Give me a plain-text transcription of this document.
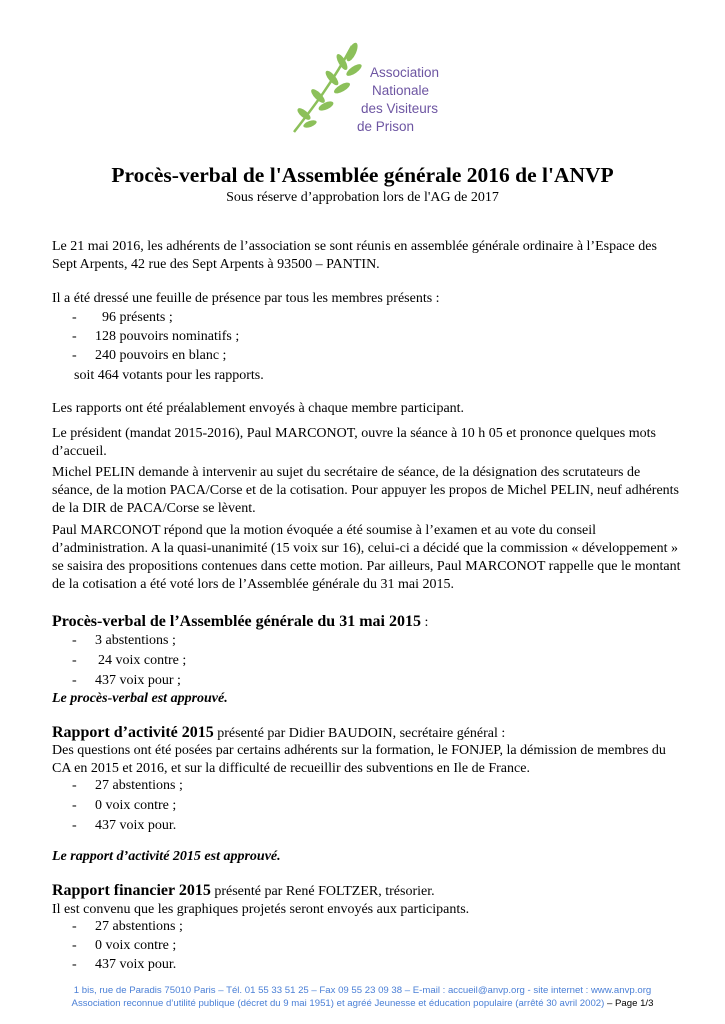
Association
Nationale
des Visiteurs
de Prison
Procès-verbal de l'Assemblée générale 2016 de l'ANVP
Sous réserve d’approbation lors de l'AG de 2017
Le 21 mai 2016, les adhérents de l’association se sont réunis en assemblée générale ordinaire à l’Espace des Sept Arpents, 42 rue des Sept Arpents à 93500 – PANTIN.
Il a été dressé une feuille de présence par tous les membres présents :
- 96 présents ;
- 128 pouvoirs nominatifs ;
- 240 pouvoirs en blanc ;
soit 464 votants pour les rapports.
Les rapports ont été préalablement envoyés à chaque membre participant.
Le président (mandat 2015-2016), Paul MARCONOT, ouvre la séance à 10 h 05 et prononce quelques mots d’accueil.
Michel PELIN demande à intervenir au sujet du secrétaire de séance, de la désignation des scrutateurs de séance, de la motion PACA/Corse et de la cotisation. Pour appuyer les propos de Michel PELIN, neuf adhérents de la DIR de PACA/Corse se lèvent.
Paul MARCONOT répond que la motion évoquée a été soumise à l’examen et au vote du conseil d’administration. A la quasi-unanimité (15 voix sur 16), celui-ci a décidé que la commission « développement » se saisira des propositions contenues dans cette motion. Par ailleurs, Paul MARCONOT rappelle que le montant de la cotisation a été voté lors de l’Assemblée générale du 31 mai 2015.
Procès-verbal de l’Assemblée générale du 31 mai 2015 :
- 3 abstentions ;
- 24 voix contre ;
- 437 voix pour ;
Le procès-verbal est approuvé.
Rapport d’activité 2015 présenté par Didier BAUDOIN, secrétaire général :
Des questions ont été posées par certains adhérents sur la formation, le FONJEP, la démission de membres du CA en 2015 et 2016, et sur la difficulté de recueillir des subventions en Ile de France.
- 27 abstentions ;
- 0 voix contre ;
- 437 voix pour.
Le rapport d’activité 2015 est approuvé.
Rapport financier 2015 présenté par René FOLTZER, trésorier.
Il est convenu que les graphiques projetés seront envoyés aux participants.
- 27 abstentions ;
- 0 voix contre ;
- 437 voix pour.
1 bis, rue de Paradis 75010 Paris – Tél. 01 55 33 51 25 – Fax 09 55 23 09 38 – E-mail : accueil@anvp.org - site internet : www.anvp.org
Association reconnue d’utilité publique (décret du 9 mai 1951) et agréé Jeunesse et éducation populaire (arrêté 30 avril 2002) – Page 1/3
